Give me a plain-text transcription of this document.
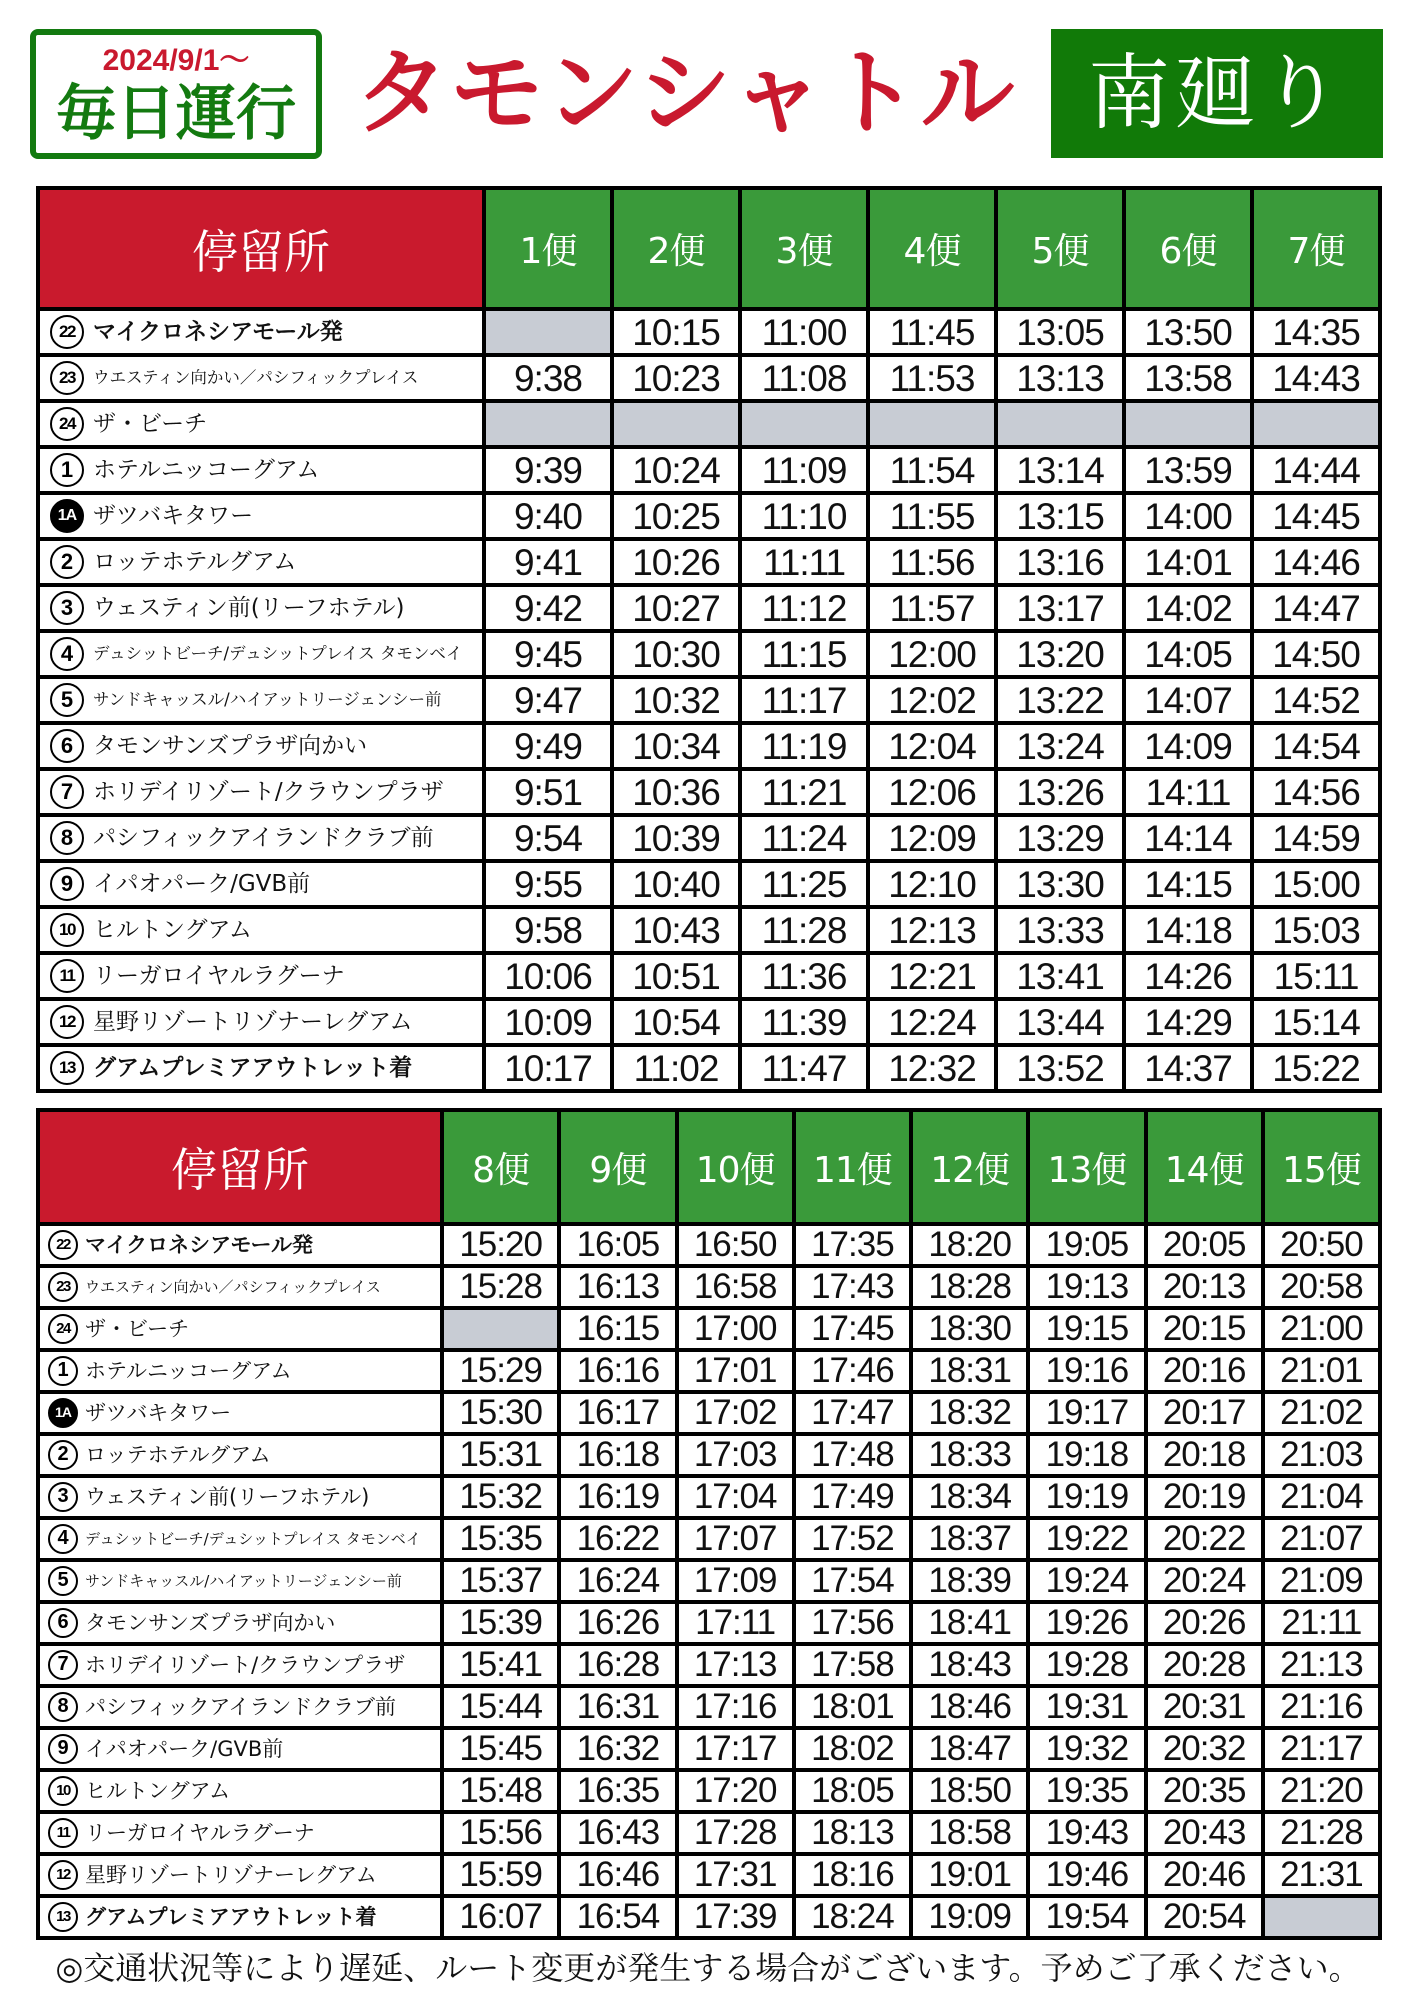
2024/9/1～
毎日運行 タモンシャトル 南廻り
停留所	1便	2便	3便	4便	5便	6便	7便
22 マイクロネシアモール発		10:15	11:00	11:45	13:05	13:50	14:35
23 ウエスティン向かい／パシフィックプレイス	9:38	10:23	11:08	11:53	13:13	13:58	14:43
24 ザ・ビーチ							
1 ホテルニッコーグアム	9:39	10:24	11:09	11:54	13:14	13:59	14:44
1A ザツバキタワー	9:40	10:25	11:10	11:55	13:15	14:00	14:45
2 ロッテホテルグアム	9:41	10:26	11:11	11:56	13:16	14:01	14:46
3 ウェスティン前(リーフホテル)	9:42	10:27	11:12	11:57	13:17	14:02	14:47
4 デュシットビーチ/デュシットプレイス タモンベイ	9:45	10:30	11:15	12:00	13:20	14:05	14:50
5 サンドキャッスル/ハイアットリージェンシー前	9:47	10:32	11:17	12:02	13:22	14:07	14:52
6 タモンサンズプラザ向かい	9:49	10:34	11:19	12:04	13:24	14:09	14:54
7 ホリデイリゾート/クラウンプラザ	9:51	10:36	11:21	12:06	13:26	14:11	14:56
8 パシフィックアイランドクラブ前	9:54	10:39	11:24	12:09	13:29	14:14	14:59
9 イパオパーク/GVB前	9:55	10:40	11:25	12:10	13:30	14:15	15:00
10 ヒルトングアム	9:58	10:43	11:28	12:13	13:33	14:18	15:03
11 リーガロイヤルラグーナ	10:06	10:51	11:36	12:21	13:41	14:26	15:11
12 星野リゾートリゾナーレグアム	10:09	10:54	11:39	12:24	13:44	14:29	15:14
13 グアムプレミアアウトレット着	10:17	11:02	11:47	12:32	13:52	14:37	15:22
停留所	8便	9便	10便	11便	12便	13便	14便	15便
22 マイクロネシアモール発	15:20	16:05	16:50	17:35	18:20	19:05	20:05	20:50
23 ウエスティン向かい／パシフィックプレイス	15:28	16:13	16:58	17:43	18:28	19:13	20:13	20:58
24 ザ・ビーチ		16:15	17:00	17:45	18:30	19:15	20:15	21:00
1 ホテルニッコーグアム	15:29	16:16	17:01	17:46	18:31	19:16	20:16	21:01
1A ザツバキタワー	15:30	16:17	17:02	17:47	18:32	19:17	20:17	21:02
2 ロッテホテルグアム	15:31	16:18	17:03	17:48	18:33	19:18	20:18	21:03
3 ウェスティン前(リーフホテル)	15:32	16:19	17:04	17:49	18:34	19:19	20:19	21:04
4 デュシットビーチ/デュシットプレイス タモンベイ	15:35	16:22	17:07	17:52	18:37	19:22	20:22	21:07
5 サンドキャッスル/ハイアットリージェンシー前	15:37	16:24	17:09	17:54	18:39	19:24	20:24	21:09
6 タモンサンズプラザ向かい	15:39	16:26	17:11	17:56	18:41	19:26	20:26	21:11
7 ホリデイリゾート/クラウンプラザ	15:41	16:28	17:13	17:58	18:43	19:28	20:28	21:13
8 パシフィックアイランドクラブ前	15:44	16:31	17:16	18:01	18:46	19:31	20:31	21:16
9 イパオパーク/GVB前	15:45	16:32	17:17	18:02	18:47	19:32	20:32	21:17
10 ヒルトングアム	15:48	16:35	17:20	18:05	18:50	19:35	20:35	21:20
11 リーガロイヤルラグーナ	15:56	16:43	17:28	18:13	18:58	19:43	20:43	21:28
12 星野リゾートリゾナーレグアム	15:59	16:46	17:31	18:16	19:01	19:46	20:46	21:31
13 グアムプレミアアウトレット着	16:07	16:54	17:39	18:24	19:09	19:54	20:54	
◎交通状況等により遅延、ルート変更が発生する場合がございます。予めご了承ください。
